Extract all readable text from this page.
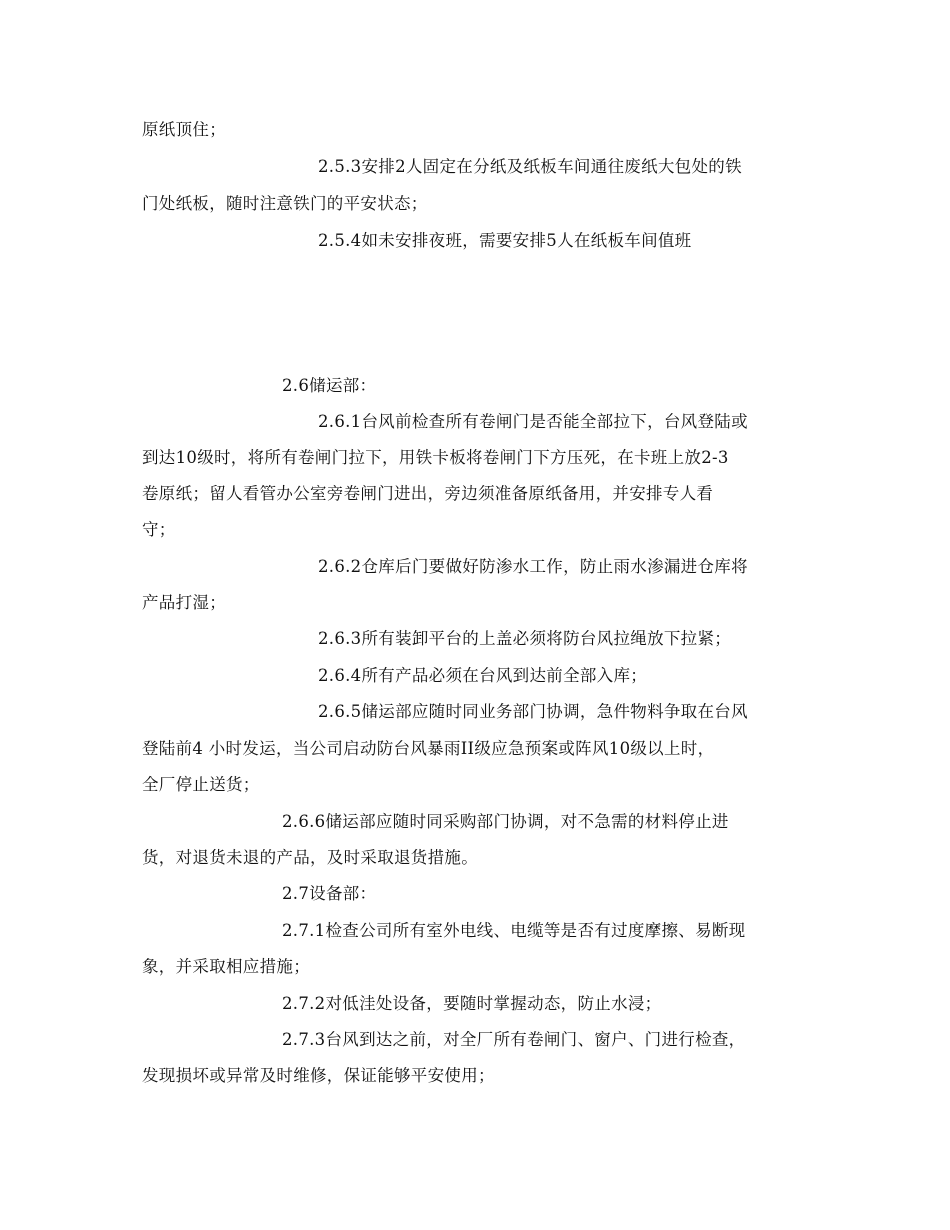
原纸顶住；
2.5.3安排2人固定在分纸及纸板车间通往废纸大包处的铁
门处纸板，随时注意铁门的平安状态；
2.5.4如未安排夜班，需要安排5人在纸板车间值班
2.6储运部：
2.6.1台风前检查所有卷闸门是否能全部拉下，台风登陆或
到达10级时，将所有卷闸门拉下，用铁卡板将卷闸门下方压死，在卡班上放2-3
卷原纸；留人看管办公室旁卷闸门进出，旁边须准备原纸备用，并安排专人看
守；
2.6.2仓库后门要做好防渗水工作，防止雨水渗漏进仓库将
产品打湿；
2.6.3所有装卸平台的上盖必须将防台风拉绳放下拉紧；
2.6.4所有产品必须在台风到达前全部入库；
2.6.5储运部应随时同业务部门协调，急件物料争取在台风
登陆前4 小时发运，当公司启动防台风暴雨II级应急预案或阵风10级以上时，
全厂停止送货；
2.6.6储运部应随时同采购部门协调，对不急需的材料停止进
货，对退货未退的产品，及时采取退货措施。
2.7设备部：
2.7.1检查公司所有室外电线、电缆等是否有过度摩擦、易断现
象，并采取相应措施；
2.7.2对低洼处设备，要随时掌握动态，防止水浸；
2.7.3台风到达之前，对全厂所有卷闸门、窗户、门进行检查，
发现损坏或异常及时维修，保证能够平安使用；
